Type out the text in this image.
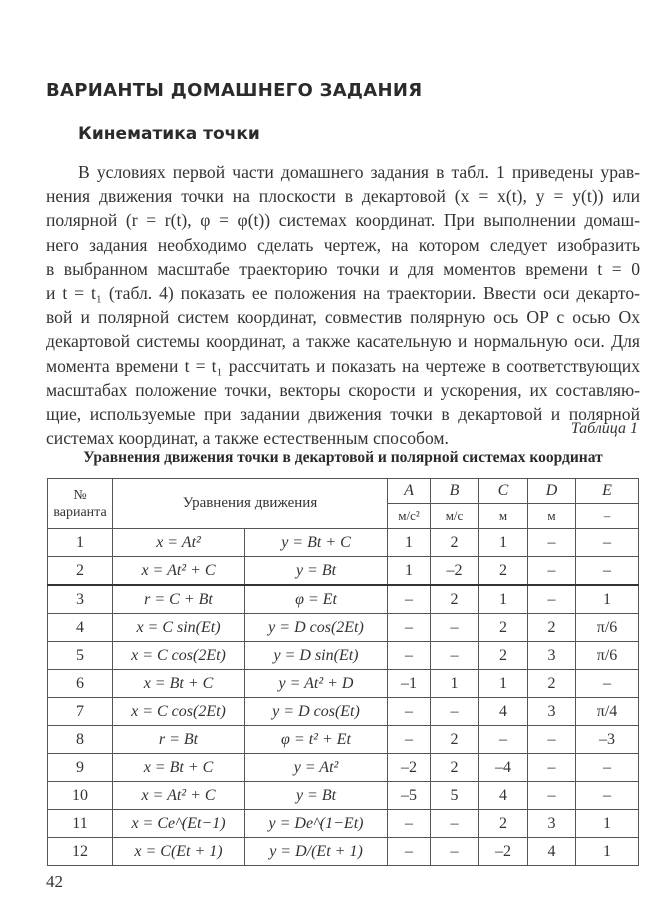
ВАРИАНТЫ ДОМАШНЕГО ЗАДАНИЯ
Кинематика точки
В условиях первой части домашнего задания в табл. 1 приведены урав-
нения движения точки на плоскости в декартовой (x = x(t), y = y(t)) или
полярной (r = r(t), φ = φ(t)) системах координат. При выполнении домаш-
него задания необходимо сделать чертеж, на котором следует изобразить
в выбранном масштабе траекторию точки и для моментов времени t = 0
и t = t₁ (табл. 4) показать ее положения на траектории. Ввести оси декарто-
вой и полярной систем координат, совместив полярную ось OP с осью Ox
декартовой системы координат, а также касательную и нормальную оси. Для
момента времени t = t₁ рассчитать и показать на чертеже в соответствующих
масштабах положение точки, векторы скорости и ускорения, их составляю-
щие, используемые при задании движения точки в декартовой и полярной
системах координат, а также естественным способом.	Таблица 1
Уравнения движения точки в декартовой и полярной системах координат
№
варианта	Уравнения движения		A	B	C	D	E
			м/с²	м/с	м	м	–
1	x = At²	y = Bt + C	1	2	1	–	–
2	x = At² + C	y = Bt	1	–2	2	–	–
3	r = C + Bt	φ = Et	–	2	1	–	1
4	x = C sin(Et)	y = D cos(2Et)	–	–	2	2	π/6
5	x = C cos(2Et)	y = D sin(Et)	–	–	2	3	π/6
6	x = Bt + C	y = At² + D	–1	1	1	2	–
7	x = C cos(2Et)	y = D cos(Et)	–	–	4	3	π/4
8	r = Bt	φ = t² + Et	–	2	–	–	–3
9	x = Bt + C	y = At²	–2	2	–4	–	–
10	x = At² + C	y = Bt	–5	5	4	–	–
11	x = Ce^(Et−1)	y = De^(1−Et)	–	–	2	3	1
12	x = C(Et + 1)	y = D/(Et + 1)	–	–	–2	4	1
42
